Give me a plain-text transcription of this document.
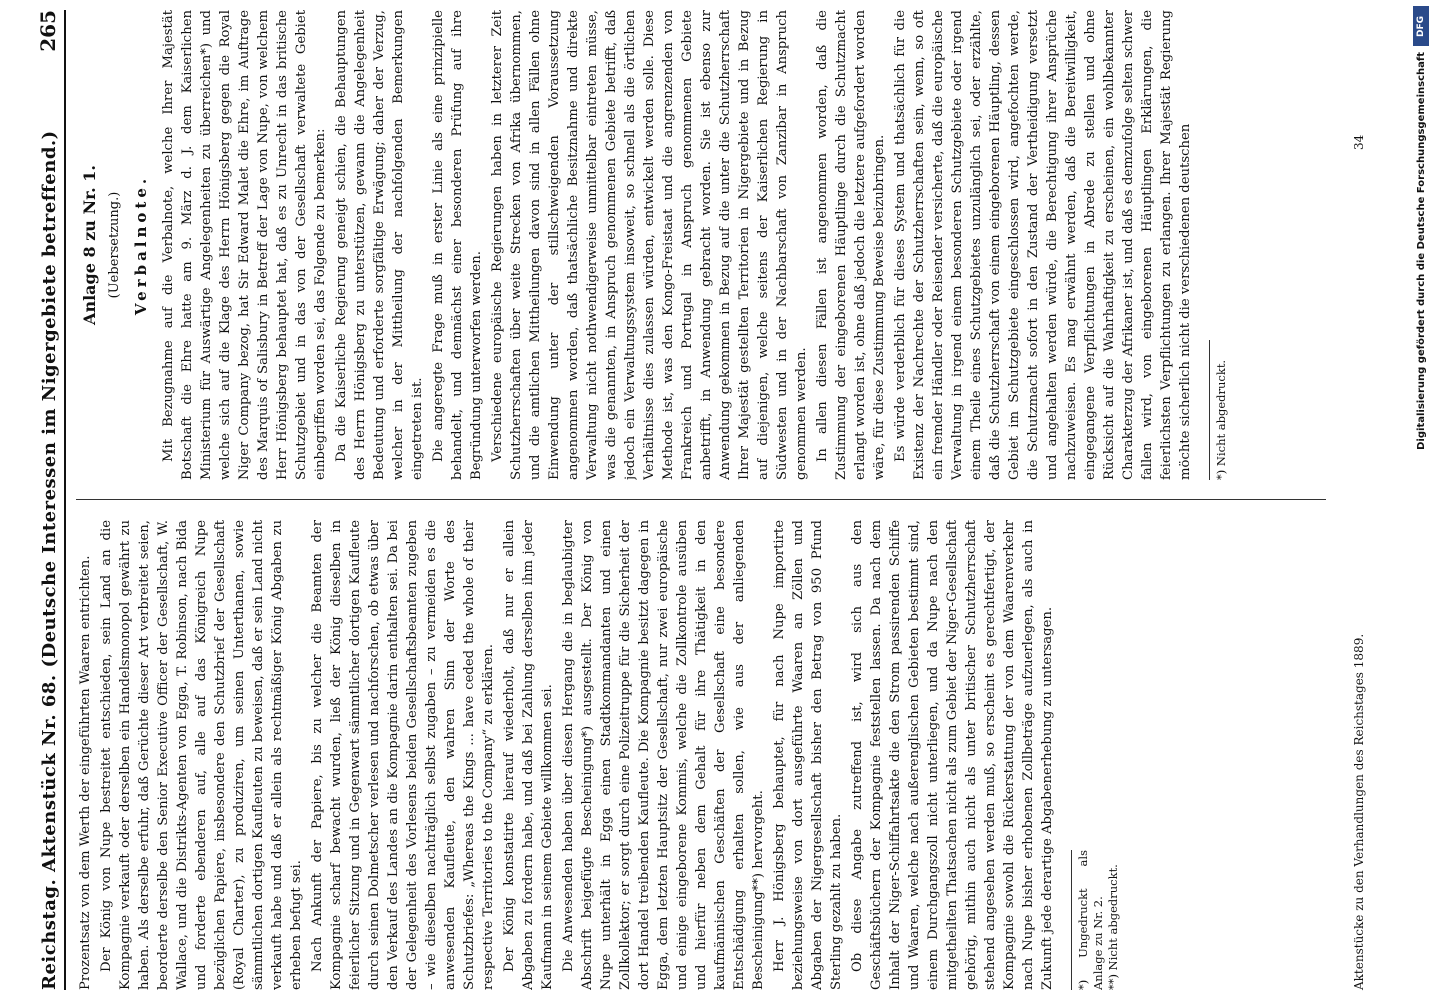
Reichstag. Aktenstück Nr. 68. (Deutsche Interessen im Nigergebiete betreffend.)
265

Prozentsatz von dem Werth der eingeführten Waaren entrichten. Der König von Nupe bestreitet entschieden, sein Land an die Kompagnie verkauft oder derselben ein Handelsmonopol gewährt zu haben. Als derselbe erfuhr, daß Gerüchte dieser Art verbreitet seien, beorderte derselbe den Senior Executive Officer der Gesellschaft, W. Wallace, und die Distrikts-Agenten von Egga, T. Robinson, nach Bida und forderte ebenderen auf, alle auf das Königreich Nupe bezüglichen Papiere, insbesondere den Schutzbrief der Gesellschaft (Royal Charter), zu produziren, um seinen Unterthanen, sowie sämmtlichen dortigen Kaufleuten zu beweisen, daß er sein Land nicht verkauft habe und daß er allein als rechtmäßiger König Abgaben zu erheben befugt sei. Nach Ankunft der Papiere, bis zu welcher die Beamten der Kompagnie scharf bewacht wurden, ließ der König dieselben in feierlicher Sitzung und in Gegenwart sämmtlicher dortigen Kaufleute durch seinen Dolmetscher verlesen und nachforschen, ob etwas über den Verkauf des Landes an die Kompagnie darin enthalten sei. Da bei der Gelegenheit des Vorlesens beiden Gesellschaftsbeamten zugeben – wie dieselben nachträglich selbst zugaben – zu vermeiden es die anwesenden Kaufleute, den wahren Sinn der Worte des Schutzbriefes: „Whereas the Kings ... have ceded the whole of their respective Territories to the Company“ zu erklären. Der König konstatirte hierauf wiederholt, daß nur er allein Abgaben zu fordern habe, und daß bei Zahlung derselben ihm jeder Kaufmann in seinem Gebiete willkommen sei. Die Anwesenden haben über diesen Hergang die in beglaubigter Abschrift beigefügte Bescheinigung*) ausgestellt. Der König von Nupe unterhält in Egga einen Stadtkommandanten und einen Zollkollektor; er sorgt durch eine Polizeitruppe für die Sicherheit der dort Handel treibenden Kaufleute. Die Kompagnie besitzt dagegen in Egga, dem letzten Hauptsitz der Gesellschaft, nur zwei europäische und einige eingeborene Kommis, welche die Zollkontrole ausüben und hierfür neben dem Gehalt für ihre Thätigkeit in den kaufmännischen Geschäften der Gesellschaft eine besondere Entschädigung erhalten sollen, wie aus der anliegenden Bescheinigung**) hervorgeht. Herr J. Hönigsberg behauptet, für nach Nupe importirte beziehungsweise von dort ausgeführte Waaren an Zöllen und Abgaben der Nigergesellschaft bisher den Betrag von 950 Pfund Sterling gezahlt zu haben. Ob diese Angabe zutreffend ist, wird sich aus den Geschäftsbüchern der Kompagnie feststellen lassen. Da nach dem Inhalt der Niger-Schiffahrtsakte die den Strom passirenden Schiffe und Waaren, welche nach außerenglischen Gebieten bestimmt sind, einem Durchgangszoll nicht unterliegen, und da Nupe nach den mitgetheilten Thatsachen nicht als zum Gebiet der Niger-Gesellschaft gehörig, mithin auch nicht als unter britischer Schutzherrschaft stehend angesehen werden muß, so erscheint es gerechtfertigt, der Kompagnie sowohl die Rückerstattung der von dem Waarenverkehr nach Nupe bisher erhobenen Zollbeträge aufzuerlegen, als auch in Zukunft jede derartige Abgabenerhebung zu untersagen. *) Ungedruckt als Anlage zu Nr. 2. **) Nicht abgedruckt.
Anlage 8 zu Nr. 1. (Uebersetzung.) Verbalnote. Mit Bezugnahme auf die Verbalnote, welche Ihrer Majestät Botschaft die Ehre hatte am 9. März d. J. dem Kaiserlichen Ministerium für Auswärtige Angelegenheiten zu überreichen*) und welche sich auf die Klage des Herrn Hönigsberg gegen die Royal Niger Company bezog, hat Sir Edward Malet die Ehre, im Auftrage des Marquis of Salisbury in Betreff der Lage von Nupe, von welchem Herr Hönigsberg behauptet hat, daß es zu Unrecht in das britische Schutzgebiet und in das von der Gesellschaft verwaltete Gebiet einbegriffen worden sei, das Folgende zu bemerken: Da die Kaiserliche Regierung geneigt schien, die Behauptungen des Herrn Hönigsberg zu unterstützen, gewann die Angelegenheit Bedeutung und erforderte sorgfältige Erwägung; daher der Verzug, welcher in der Mittheilung der nachfolgenden Bemerkungen eingetreten ist. Die angeregte Frage muß in erster Linie als eine prinzipielle behandelt, und demnächst einer besonderen Prüfung auf ihre Begründung unterworfen werden. Verschiedene europäische Regierungen haben in letzterer Zeit Schutzherrschaften über weite Strecken von Afrika übernommen, und die amtlichen Mittheilungen davon sind in allen Fällen ohne Einwendung unter der stillschweigenden Voraussetzung angenommen worden, daß thatsächliche Besitznahme und direkte Verwaltung nicht nothwendigerweise unmittelbar eintreten müsse, was die genannten, in Anspruch genommenen Gebiete betrifft, daß jedoch ein Verwaltungssystem insoweit, so schnell als die örtlichen Verhältnisse dies zulassen würden, entwickelt werden solle. Diese Methode ist, was den Kongo-Freistaat und die angrenzenden von Frankreich und Portugal in Anspruch genommenen Gebiete anbetrifft, in Anwendung gebracht worden. Sie ist ebenso zur Anwendung gekommen in Bezug auf die unter die Schutzherrschaft Ihrer Majestät gestellten Territorien in Nigergebiete und in Bezug auf diejenigen, welche seitens der Kaiserlichen Regierung in Südwesten und in der Nachbarschaft von Zanzibar in Anspruch genommen werden. In allen diesen Fällen ist angenommen worden, daß die Zustimmung der eingeborenen Häuptlinge durch die Schutzmacht erlangt worden ist, ohne daß jedoch die letztere aufgefordert worden wäre, für diese Zustimmung Beweise beizubringen. Es würde verderblich für dieses System und thatsächlich für die Existenz der Nachrechte der Schutzherrschaften sein, wenn, so oft ein fremder Händler oder Reisender versicherte, daß die europäische Verwaltung in irgend einem besonderen Schutzgebiete oder irgend einem Theile eines Schutzgebietes unzulänglich sei, oder erzählte, daß die Schutzherrschaft von einem eingeborenen Häuptling, dessen Gebiet im Schutzgebiete eingeschlossen wird, angefochten werde, die Schutzmacht sofort in den Zustand der Vertheidigung versetzt und angehalten werden würde, die Berechtigung ihrer Ansprüche nachzuweisen. Es mag erwähnt werden, daß die Bereitwilligkeit, eingegangene Verpflichtungen in Abrede zu stellen und ohne Rücksicht auf die Wahrhaftigkeit zu erscheinen, ein wohlbekannter Charakterzug der Afrikaner ist, und daß es demzufolge selten schwer fallen wird, von eingeborenen Häuptlingen Erklärungen, die feierlichsten Verpflichtungen zu erlangen. Ihrer Majestät Regierung möchte sicherlich nicht die verschiedenen deutschen *) Nicht abgedruckt.
Aktenstücke zu den Verhandlungen des Reichstages 1889.
34
DFG
Digitalisierung gefördert durch die Deutsche Forschungsgemeinschaft
